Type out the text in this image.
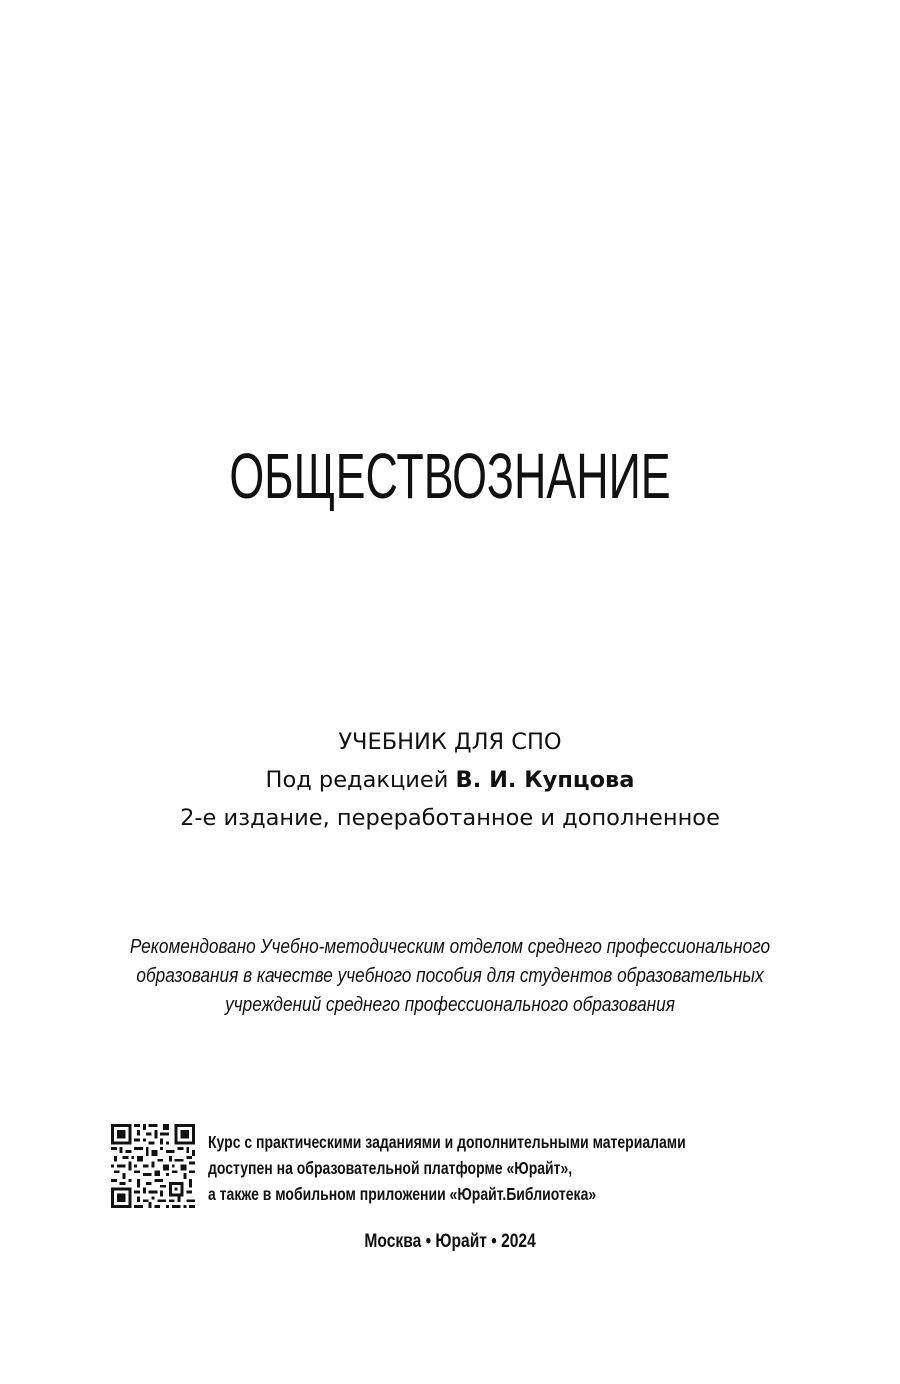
ОБЩЕСТВОЗНАНИЕ
УЧЕБНИК ДЛЯ СПО
Под редакцией В. И. Купцова
2-е издание, переработанное и дополненное
Рекомендовано Учебно-методическим отделом среднего профессионального
образования в качестве учебного пособия для студентов образовательных
учреждений среднего профессионального образования
Курс с практическими заданиями и дополнительными материалами
доступен на образовательной платформе «Юрайт»,
а также в мобильном приложении «Юрайт.Библиотека»
Москва • Юрайт • 2024
